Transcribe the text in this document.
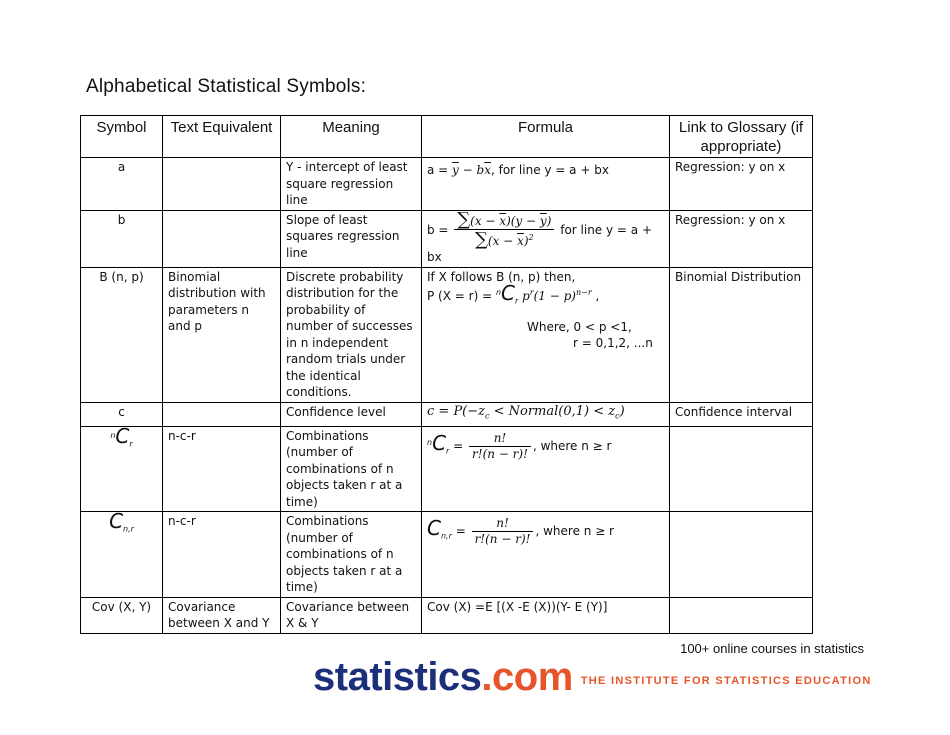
Alphabetical Statistical Symbols:
Symbol	Text Equivalent	Meaning	Formula	Link to Glossary (if appropriate)
a		Y - intercept of least square regression line	$a = \overline{y} - b\overline{x}$, for line y = a + bx	Regression: y on x
b		Slope of least squares regression line	$b = \frac{\sum(x - \overline{x})(y - \overline{y})}{\sum(x - \overline{x})^2}$ for line y = a + bx	Regression: y on x
B (n, p)	Binomial distribution with parameters n and p	Discrete probability distribution for the probability of number of successes in n independent random trials under the identical conditions.	If X follows B (n, p) then,
P $(X = r) = ^nC_r$ $p^r(1 - p)^{n-r}$ ,
Where, 0 < p <1,
r = 0,1,2, ...n	Binomial Distribution
c		Confidence level	$c = P(-z_c$ < Normal(0,1) < $z_c$)	Confidence interval
$^nC_r$	n-c-r	Combinations (number of combinations of n objects taken r at a time)	$^nC_r = \frac{n!}{r!(n - r)!}$ , where n ≥ r	
$C_{n,r}$	n-c-r	Combinations (number of combinations of n objects taken r at a time)	$C_{n,r} = \frac{n!}{r!(n - r)!}$ , where n ≥ r	
Cov (X, Y)	Covariance between X and Y	Covariance between X & Y	Cov (X) =E [(X -E (X))(Y- E (Y)]	
100+ online courses in statistics
statistics.com $^{THE INSTITUTE FOR STATISTICS EDUCATION}$
